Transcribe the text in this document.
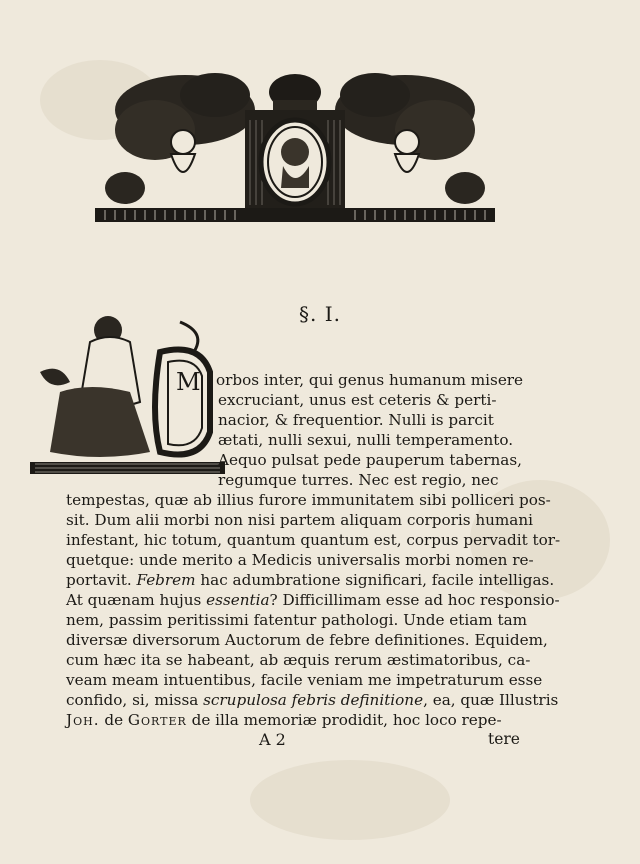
§. I.
M orbos inter, qui genus humanum misere
excruciant, unus est ceteris & perti-
nacior, & frequentior. Nulli is parcit
ætati, nulli sexui, nulli temperamento.
Aequo pulsat pede pauperum tabernas,
regumque turres. Nec est regio, nec
tempestas, quæ ab illius furore immunitatem sibi polliceri pos-
sit. Dum alii morbi non nisi partem aliquam corporis humani
infestant, hic totum, quantum quantum est, corpus pervadit tor-
quetque: unde merito a Medicis universalis morbi nomen re-
portavit. Febrem hac adumbratione significari, facile intelligas.
At quænam hujus essentia? Difficillimam esse ad hoc responsio-
nem, passim peritissimi fatentur pathologi. Unde etiam tam
diversæ diversorum Auctorum de febre definitiones. Equidem,
cum hæc ita se habeant, ab æquis rerum æstimatoribus, ca-
veam meam intuentibus, facile veniam me impetraturum esse
confido, si, missa scrupulosa febris definitione, ea, quæ Illustris
Joh. de Gorter de illa memoriæ prodidit, hoc loco repe-
A 2	tere
